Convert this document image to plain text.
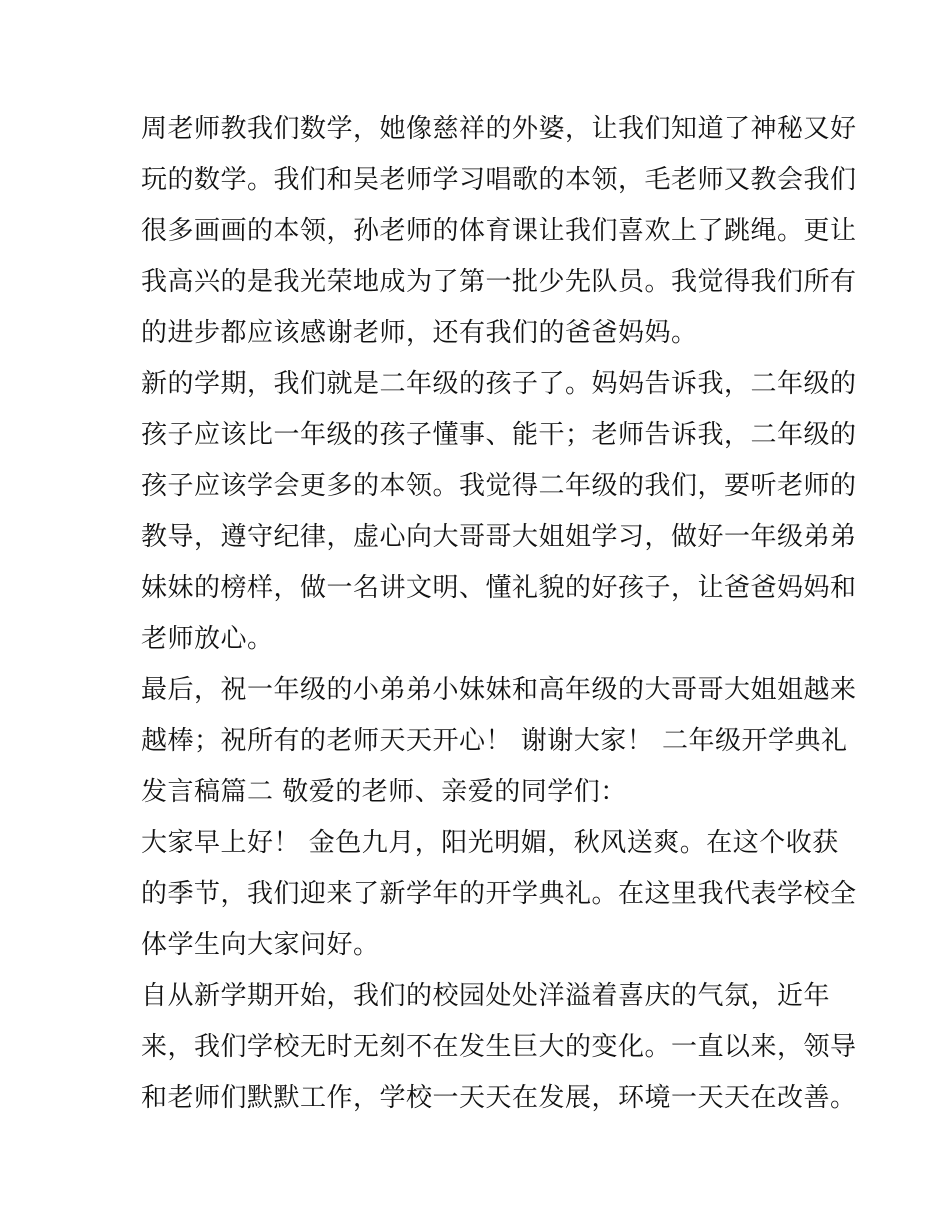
周老师教我们数学，她像慈祥的外婆，让我们知道了神秘又好
玩的数学。我们和吴老师学习唱歌的本领，毛老师又教会我们
很多画画的本领，孙老师的体育课让我们喜欢上了跳绳。更让
我高兴的是我光荣地成为了第一批少先队员。我觉得我们所有
的进步都应该感谢老师，还有我们的爸爸妈妈。
新的学期，我们就是二年级的孩子了。妈妈告诉我，二年级的
孩子应该比一年级的孩子懂事、能干；老师告诉我，二年级的
孩子应该学会更多的本领。我觉得二年级的我们，要听老师的
教导，遵守纪律，虚心向大哥哥大姐姐学习，做好一年级弟弟
妹妹的榜样，做一名讲文明、懂礼貌的好孩子，让爸爸妈妈和
老师放心。
最后，祝一年级的小弟弟小妹妹和高年级的大哥哥大姐姐越来
越棒；祝所有的老师天天开心！ 谢谢大家！ 二年级开学典礼
发言稿篇二 敬爱的老师、亲爱的同学们：
大家早上好！ 金色九月，阳光明媚，秋风送爽。在这个收获
的季节，我们迎来了新学年的开学典礼。在这里我代表学校全
体学生向大家问好。
自从新学期开始，我们的校园处处洋溢着喜庆的气氛，近年
来，我们学校无时无刻不在发生巨大的变化。一直以来，领导
和老师们默默工作，学校一天天在发展，环境一天天在改善。
